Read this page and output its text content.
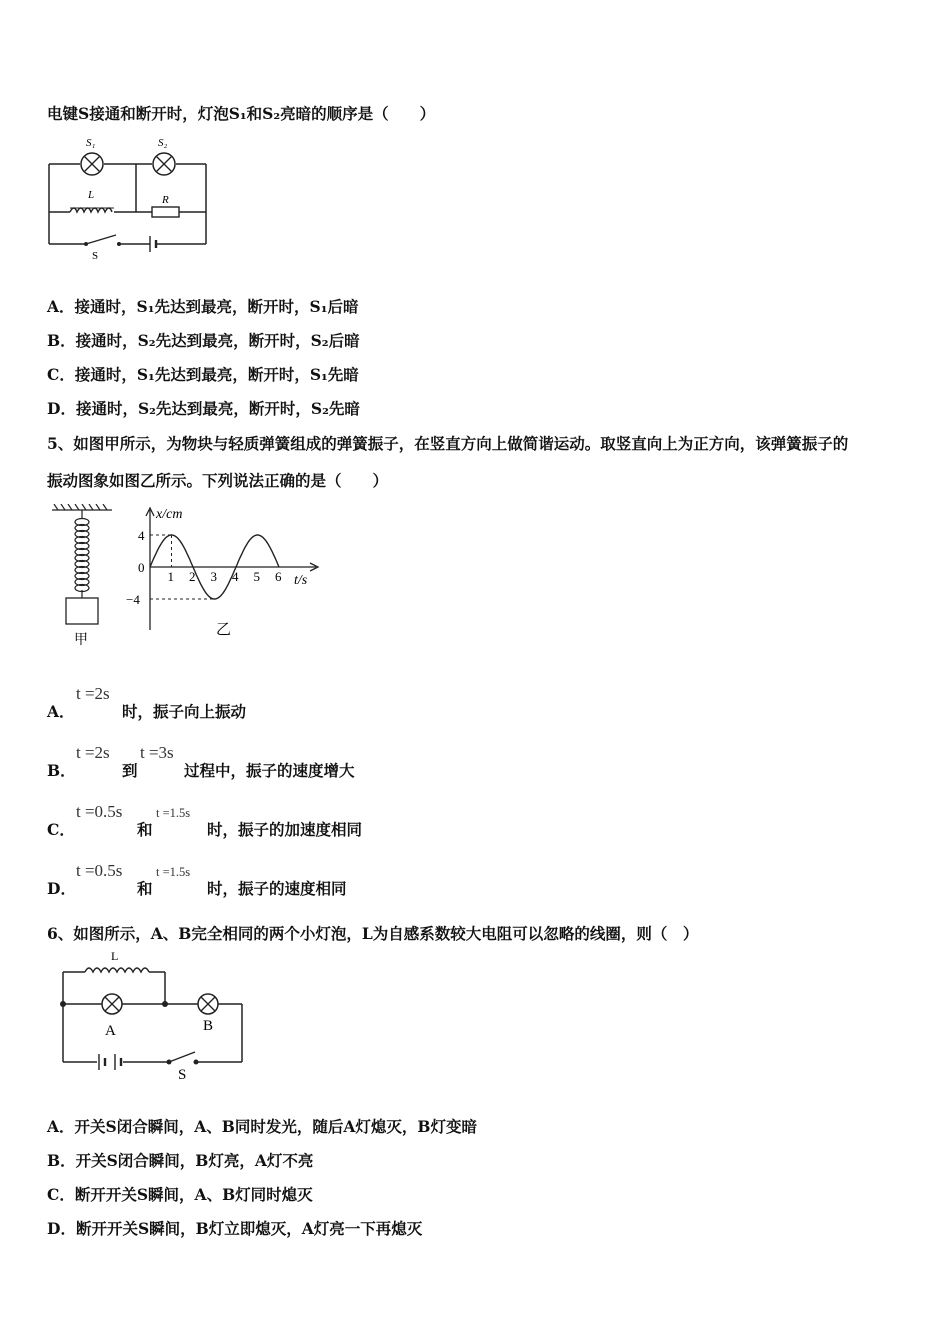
电键S接通和断开时，灯泡S₁和S₂亮暗的顺序是（　　）
S₁	S₂
L	R
S
A．接通时，S₁先达到最亮，断开时，S₁后暗
B．接通时，S₂先达到最亮，断开时，S₂后暗
C．接通时，S₁先达到最亮，断开时，S₁先暗
D．接通时，S₂先达到最亮，断开时，S₂先暗
5、如图甲所示，为物块与轻质弹簧组成的弹簧振子，在竖直方向上做简谐运动。取竖直向上为正方向，该弹簧振子的
振动图象如图乙所示。下列说法正确的是（　　）
甲
1 2 3 4 5 6
4
0
−4
x/cm
t/s
乙
A．
t =2s
时，振子向上振动
B．
t =2s
到
t =3s
过程中，振子的速度增大
C．
t =0.5s
和
t =1.5s
时，振子的加速度相同
D．
t =0.5s
和
t =1.5s
时，振子的速度相同
6、如图所示，A、B完全相同的两个小灯泡，L为自感系数较大电阻可以忽略的线圈，则（　）
L
A	B
S
A．开关S闭合瞬间，A、B同时发光，随后A灯熄灭，B灯变暗
B．开关S闭合瞬间，B灯亮，A灯不亮
C．断开开关S瞬间，A、B灯同时熄灭
D．断开开关S瞬间，B灯立即熄灭，A灯亮一下再熄灭
